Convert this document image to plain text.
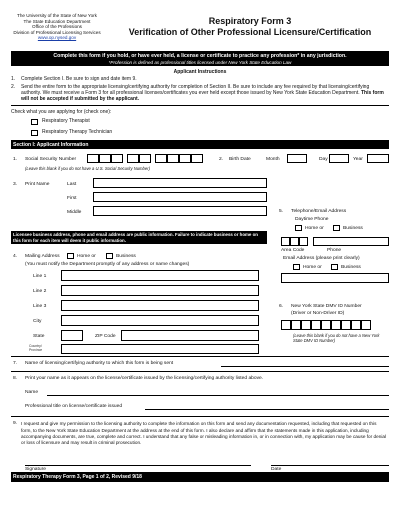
The University of the State of New York
The State Education Department
Office of the Professions
Division of Professional Licensing Services
www.op.nysed.gov
Respiratory Form 3
Verification of Other Professional Licensure/Certification
Complete this form if you hold, or have ever held, a license or certificate to practice any profession* in any jurisdiction.
*Profession is defined as professional titles licensed under New York State Education Law
Applicant Instructions
1.	Complete Section I. Be sure to sign and date item 9.
2.	Send the entire form to the appropriate licensing/certifying authority for completion of Section II. Be sure to include any fee required by that licensing/certifying authority. We must receive a Form 3 for all professional licenses/certificates you ever held except those issued by New York State Education Department. This form will not be accepted if submitted by the applicant.
Check what you are applying for (check one):
Respiratory Therapist
Respiratory Therapy Technician
Section I: Applicant Information
1. Social Security Number
(Leave this blank if you do not have a U.S. Social Security Number)
2. Birth Date	Month	Day	Year
3. Print Name	Last
First
Middle	5. Telephone/Email Address
Daytime Phone
Home or	Business
Area Code	Phone
Email Address (please print clearly)
Home or	Business
Licensee business address, phone and email address are public information. Failure to indicate business or home on this form for each item will deem it public information.
4. Mailing Address	Home or	Business
(You must notify the Department promptly of any address or name changes)
Line 1
Line 2
Line 3
City
State	ZIP Code
Country/
Province
6. New York State DMV ID Number
(Driver or Non-Driver ID)
(Leave this blank if you do not have a New York State DMV ID Number)
7. Name of licensing/certifying authority to which this form is being sent
8. Print your name as it appears on the license/certificate issued by the licensing/certifying authority listed above.
Name
Professional title on license/certificate issued
9. I request and give my permission to the licensing authority to complete the information on this form and send any documentation requested, including that requested on this form, to the New York State Education Department at the address at the end of this form. I also declare and affirm that the statements made in this application, including accompanying documents, are true, complete and correct. I understand that any false or misleading information in, or in connection with, my application may be cause for denial or loss of licensure and may result in criminal prosecution.
Signature	Date
Respiratory Therapy Form 3, Page 1 of 2, Revised 9/18
